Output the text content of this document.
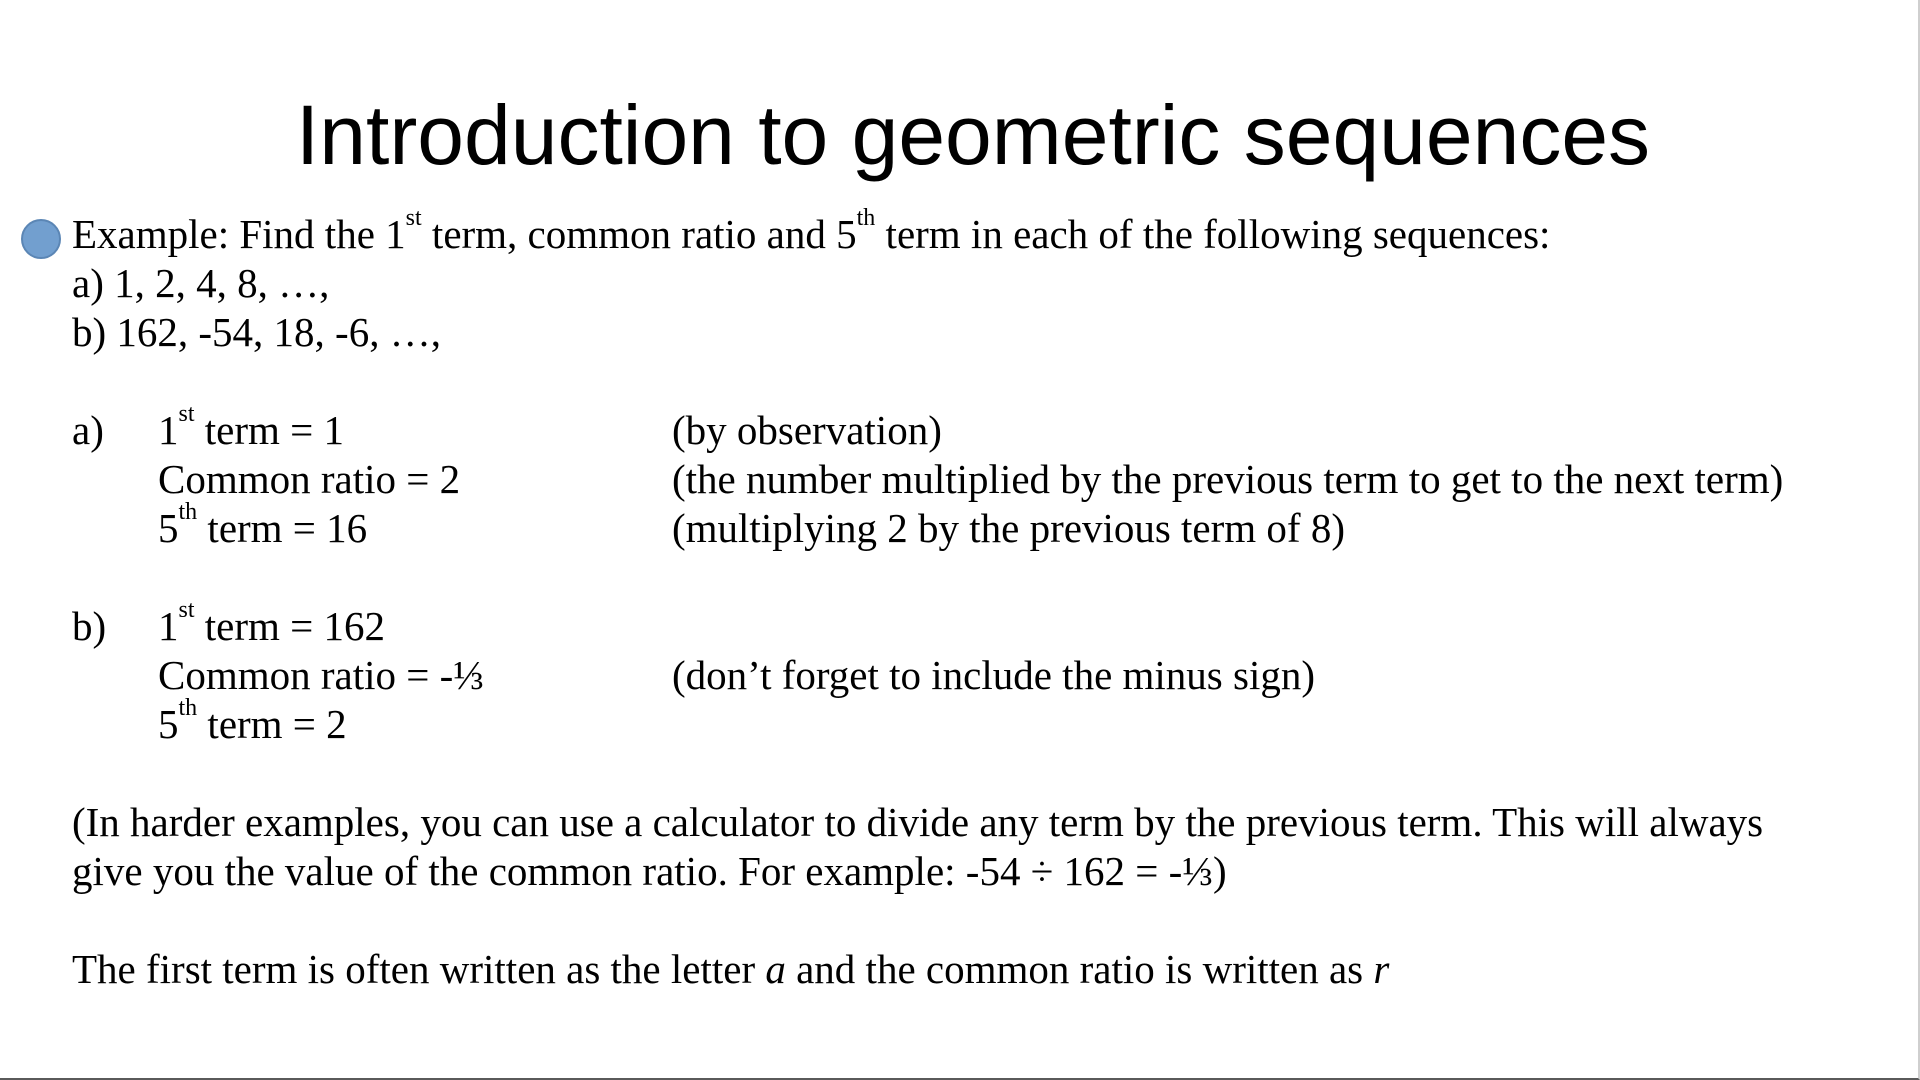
Introduction to geometric sequences
Example: Find the 1st term, common ratio and 5th term in each of the following sequences:
a) 1, 2, 4, 8, …,
b) 162, -54, 18, -6, …,
a) 1st term = 1	(by observation)
Common ratio = 2	(the number multiplied by the previous term to get to the next term)
5th term = 16	(multiplying 2 by the previous term of 8)
b) 1st term = 162
Common ratio = -⅓	(don’t forget to include the minus sign)
5th term = 2
(In harder examples, you can use a calculator to divide any term by the previous term. This will always
give you the value of the common ratio. For example: -54 ÷ 162 = -⅓)
The first term is often written as the letter a and the common ratio is written as r
